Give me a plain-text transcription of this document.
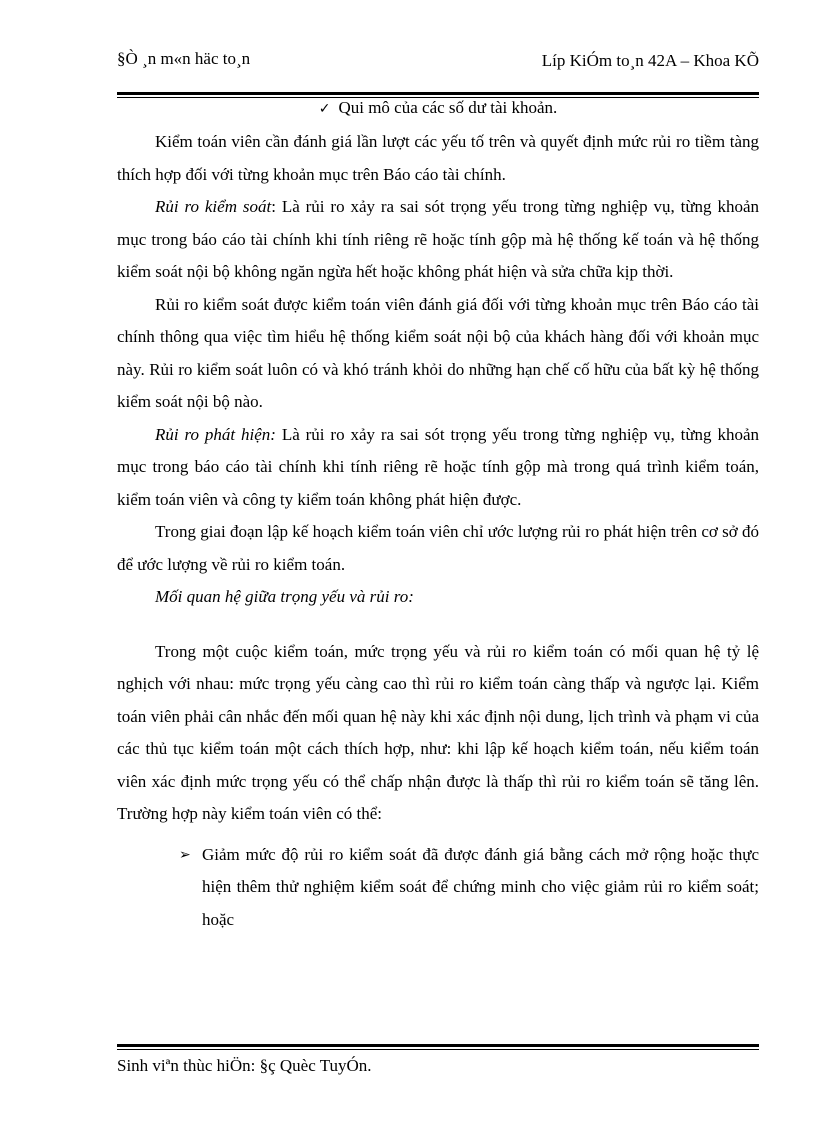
§Ò ¸n m«n häc to¸n	Líp KiÓm to¸n 42A – Khoa KÕ
✓ Qui mô của các số dư tài khoản.

Kiểm toán viên cần đánh giá lần lượt các yếu tố trên và quyết định mức rủi ro tiềm tàng thích hợp đối với từng khoản mục trên Báo cáo tài chính.

Rủi ro kiểm soát: Là rủi ro xảy ra sai sót trọng yếu trong từng nghiệp vụ, từng khoản mục trong báo cáo tài chính khi tính riêng rẽ hoặc tính gộp mà hệ thống kế toán và hệ thống kiểm soát nội bộ không ngăn ngừa hết hoặc không phát hiện và sửa chữa kịp thời.

Rủi ro kiểm soát được kiểm toán viên đánh giá đối với từng khoản mục trên Báo cáo tài chính thông qua việc tìm hiểu hệ thống kiểm soát nội bộ của khách hàng đối với khoản mục này. Rủi ro kiểm soát luôn có và khó tránh khỏi do những hạn chế cố hữu của bất kỳ hệ thống kiểm soát nội bộ nào.

Rủi ro phát hiện: Là rủi ro xảy ra sai sót trọng yếu trong từng nghiệp vụ, từng khoản mục trong báo cáo tài chính khi tính riêng rẽ hoặc tính gộp mà trong quá trình kiểm toán, kiểm toán viên và công ty kiểm toán không phát hiện được.

Trong giai đoạn lập kế hoạch kiểm toán viên chỉ ước lượng rủi ro phát hiện trên cơ sở đó để ước lượng về rủi ro kiểm toán.

Mối quan hệ giữa trọng yếu và rủi ro:

Trong một cuộc kiểm toán, mức trọng yếu và rủi ro kiểm toán có mối quan hệ tỷ lệ nghịch với nhau: mức trọng yếu càng cao thì rủi ro kiểm toán càng thấp và ngược lại. Kiểm toán viên phải cân nhắc đến mối quan hệ này khi xác định nội dung, lịch trình và phạm vi của các thủ tục kiểm toán một cách thích hợp, như: khi lập kế hoạch kiểm toán, nếu kiểm toán viên xác định mức trọng yếu có thể chấp nhận được là thấp thì rủi ro kiểm toán sẽ tăng lên. Trường hợp này kiểm toán viên có thể:

➢ Giảm mức độ rủi ro kiểm soát đã được đánh giá bằng cách mở rộng hoặc thực hiện thêm thử nghiệm kiểm soát để chứng minh cho việc giảm rủi ro kiểm soát; hoặc
Sinh viªn thùc hiÖn: §ç Quèc TuyÓn.
